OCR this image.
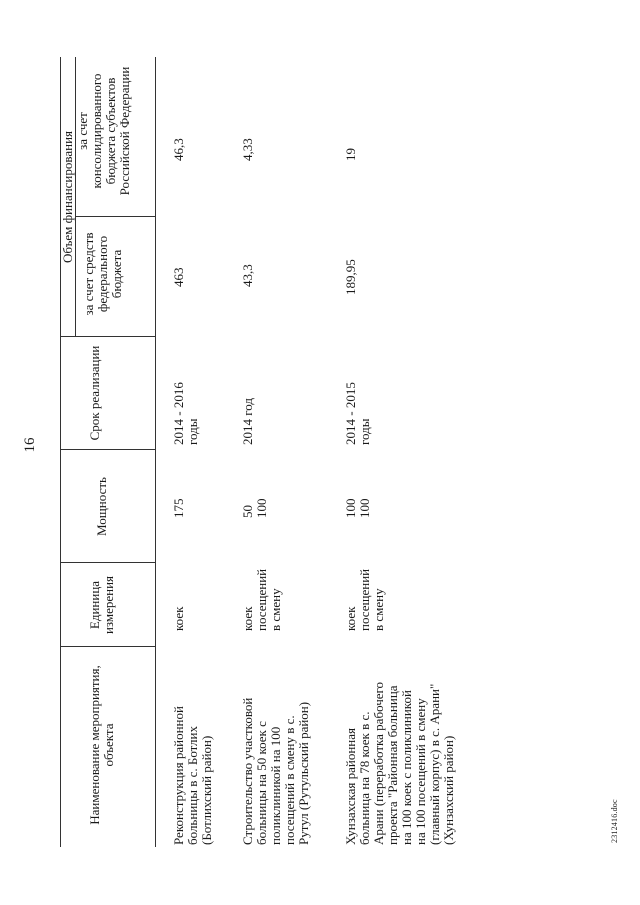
16
Наименование мероприятия, объекта
Единица измерения
Мощность
Срок реализации
Объем финансирования
за счет средств федерального бюджета
за счет консолидированного бюджета субъектов Российской Федерации
Реконструкция районной больницы в с. Ботлих (Ботлихский район)
коек
175
2014 - 2016 годы
463
46,3
Строительство участковой больницы на 50 коек с поликлиникой на 100 посещений в смену в с. Рутул (Рутульский район)
коек посещений в смену
50 100
2014 год
43,3
4,33
Хунзахская районная больница на 78 коек в с. Арани (переработка рабочего проекта "Районная больница на 100 коек с поликлиникой на 100 посещений в смену (главный корпус) в с. Арани" (Хунзахский район)
коек посещений в смену
100 100
2014 - 2015 годы
189,95
19
2312416.doc
